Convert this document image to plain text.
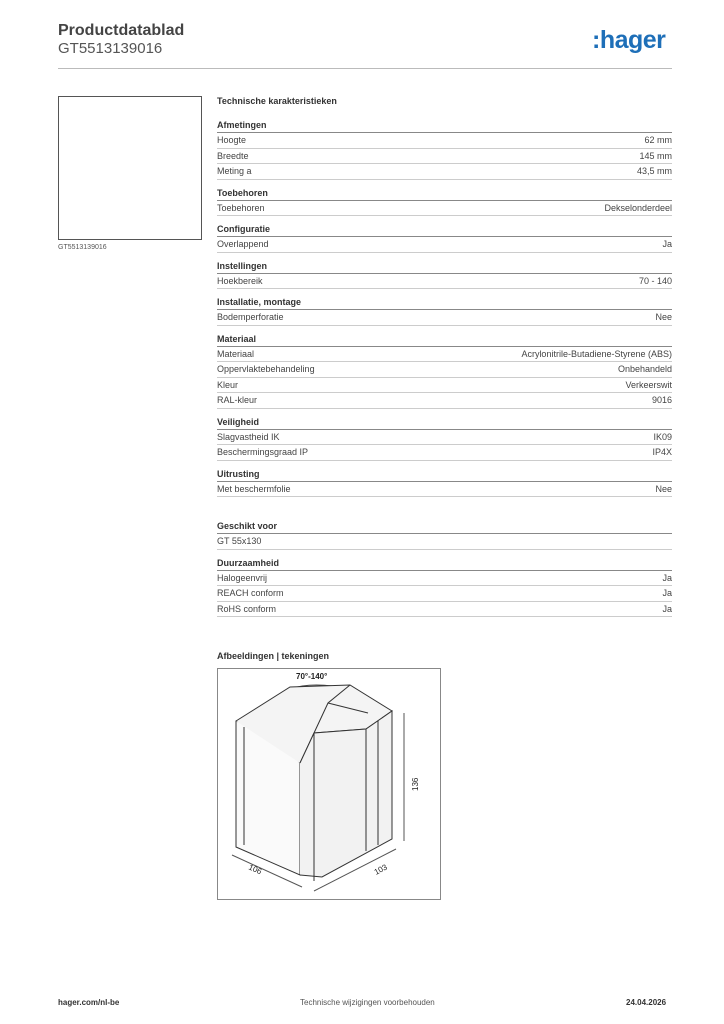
Productdatablad
GT5513139016	:hager
GT5513139016
Technische karakteristieken
Afmetingen
Hoogte	62 mm
Breedte	145 mm
Meting a	43,5 mm
Toebehoren
Toebehoren	Dekselonderdeel
Configuratie
Overlappend	Ja
Instellingen
Hoekbereik	70 - 140
Installatie, montage
Bodemperforatie	Nee
Materiaal
Materiaal	Acrylonitrile-Butadiene-Styrene (ABS)
Oppervlaktebehandeling	Onbehandeld
Kleur	Verkeerswit
RAL-kleur	9016
Veiligheid
Slagvastheid IK	IK09
Beschermingsgraad IP	IP4X
Uitrusting
Met beschermfolie	Nee
Geschikt voor
GT 55x130
Duurzaamheid
Halogeenvrij	Ja
REACH conform	Ja
RoHS conform	Ja
Afbeeldingen | tekeningen
70°-140°
136
106	103
hager.com/nl-be	Technische wijzigingen voorbehouden	24.04.2026
